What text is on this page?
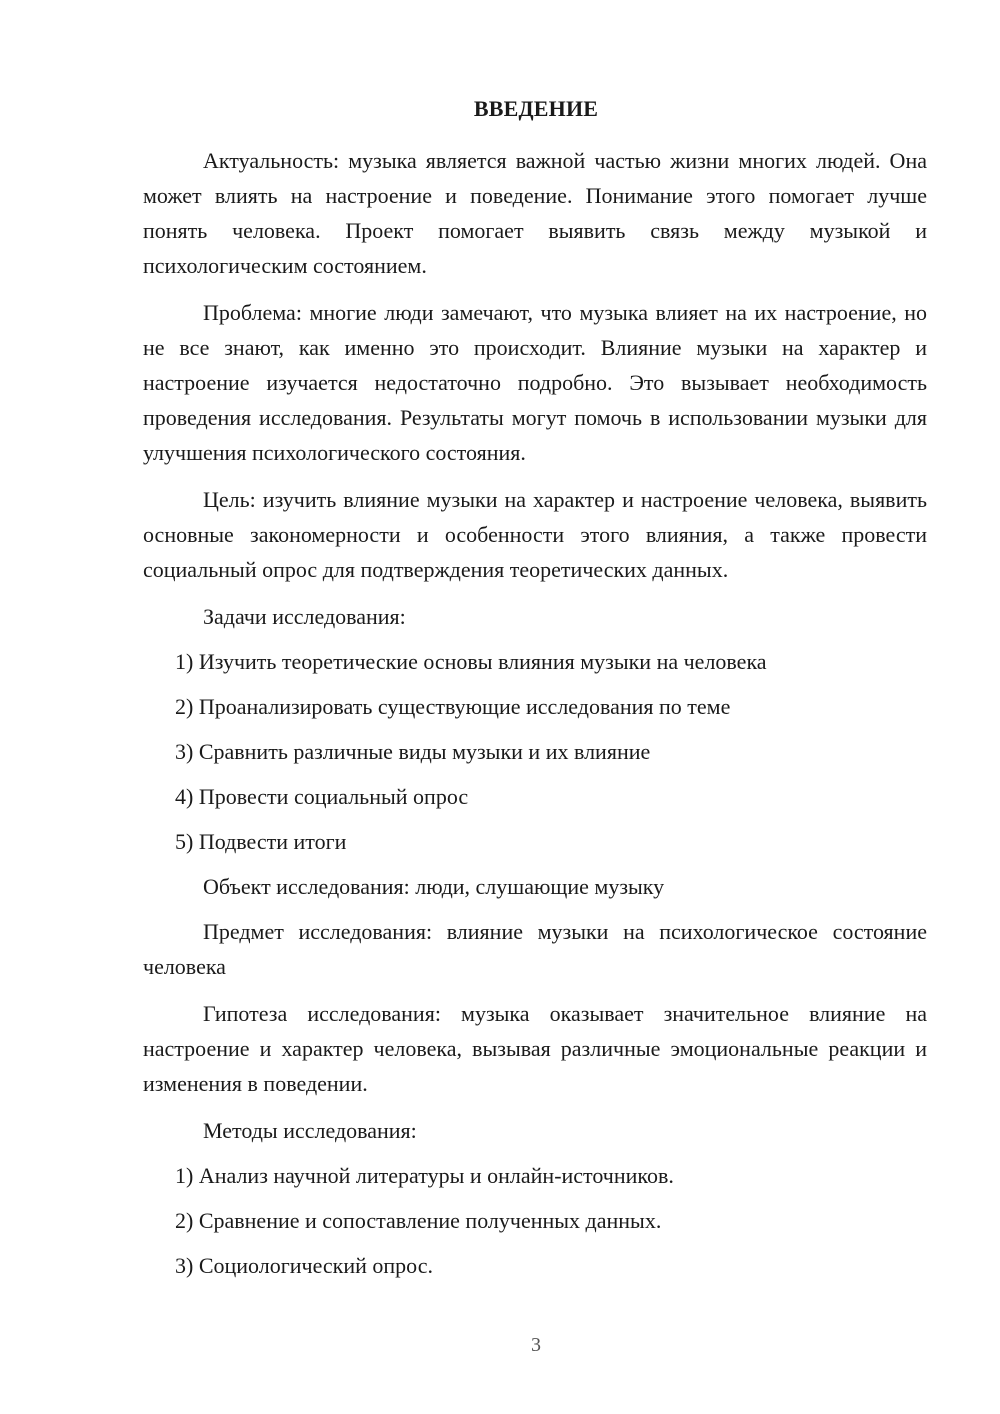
ВВЕДЕНИЕ

Актуальность: музыка является важной частью жизни многих людей. Она может влиять на настроение и поведение. Понимание этого помогает лучше понять человека. Проект помогает выявить связь между музыкой и психологическим состоянием.

Проблема: многие люди замечают, что музыка влияет на их настроение, но не все знают, как именно это происходит. Влияние музыки на характер и настроение изучается недостаточно подробно. Это вызывает необходимость проведения исследования. Результаты могут помочь в использовании музыки для улучшения психологического состояния.

Цель: изучить влияние музыки на характер и настроение человека, выявить основные закономерности и особенности этого влияния, а также провести социальный опрос для подтверждения теоретических данных.

Задачи исследования:
1) Изучить теоретические основы влияния музыки на человека
2) Проанализировать существующие исследования по теме
3) Сравнить различные виды музыки и их влияние
4) Провести социальный опрос
5) Подвести итоги
Объект исследования: люди, слушающие музыку

Предмет исследования: влияние музыки на психологическое состояние человека

Гипотеза исследования: музыка оказывает значительное влияние на настроение и характер человека, вызывая различные эмоциональные реакции и изменения в поведении.

Методы исследования:
1) Анализ научной литературы и онлайн-источников.
2) Сравнение и сопоставление полученных данных.
3) Социологический опрос.
3
